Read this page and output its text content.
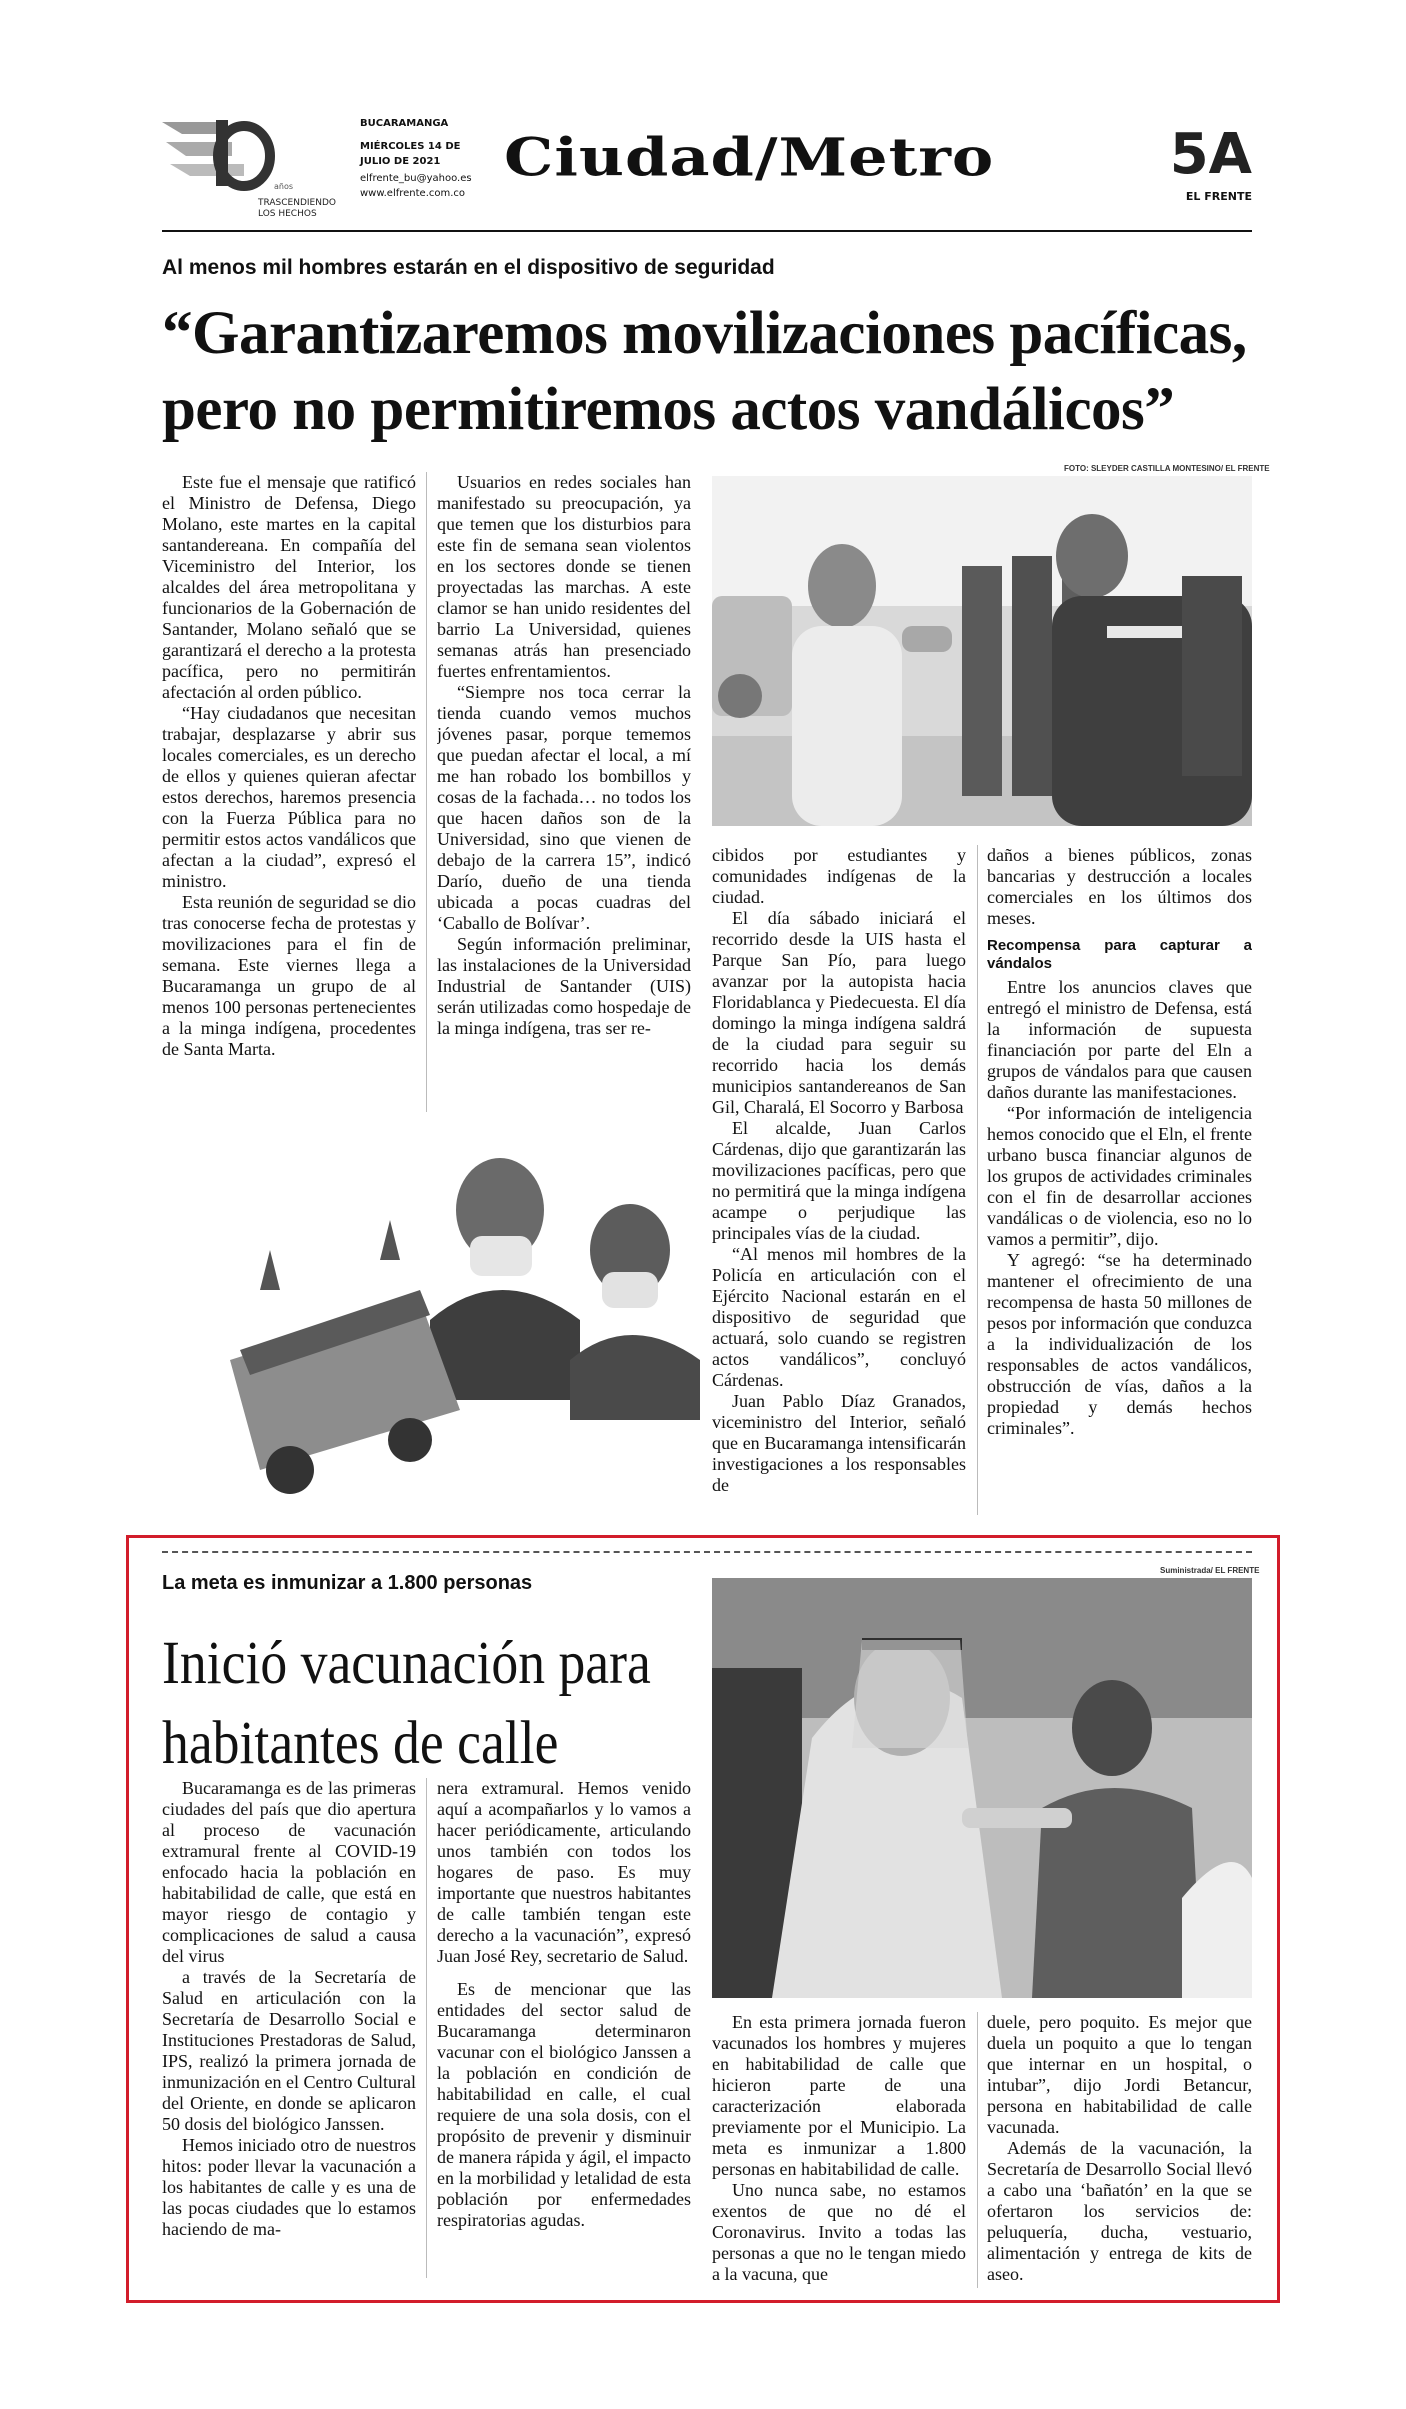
años
TRASCENDIENDO LOS HECHOS
BUCARAMANGA
MIÉRCOLES 14 DE JULIO DE 2021
elfrente_bu@yahoo.es
www.elfrente.com.co
Ciudad/Metro	5A
EL FRENTE
Al menos mil hombres estarán en el dispositivo de seguridad
“Garantizaremos movilizaciones pacíficas,
pero no permitiremos actos vandálicos”

Este fue el mensaje que ratificó el Ministro de Defensa, Diego Molano, este martes en la capital santandereana. En compañía del Viceministro del Interior, los alcaldes del área metropolitana y funcionarios de la Gobernación de Santander, Molano señaló que se garantizará el derecho a la protesta pacífica, pero no permitirán afectación al orden público.

“Hay ciudadanos que necesitan trabajar, desplazarse y abrir sus locales comerciales, es un derecho de ellos y quienes quieran afectar estos derechos, haremos presencia con la Fuerza Pública para no permitir estos actos vandálicos que afectan a la ciudad”, expresó el ministro.

Esta reunión de seguridad se dio tras conocerse fecha de protestas y movilizaciones para el fin de semana. Este viernes llega a Bucaramanga un grupo de al menos 100 personas pertenecientes a la minga indígena, procedentes de Santa Marta.

Usuarios en redes sociales han manifestado su preocupación, ya que temen que los disturbios para este fin de semana sean violentos en los sectores donde se tienen proyectadas las marchas. A este clamor se han unido residentes del barrio La Universidad, quienes semanas atrás han presenciado fuertes enfrentamientos.

“Siempre nos toca cerrar la tienda cuando vemos muchos jóvenes pasar, porque tememos que puedan afectar el local, a mí me han robado los bombillos y cosas de la fachada… no todos los que hacen daños son de la Universidad, sino que vienen de debajo de la carrera 15”, indicó Darío, dueño de una tienda ubicada a pocas cuadras del ‘Caballo de Bolívar’.

Según información preliminar, las instalaciones de la Universidad Industrial de Santander (UIS) serán utilizadas como hospedaje de la minga indígena, tras ser re-

FOTO: SLEYDER CASTILLA MONTESINO/ EL FRENTE

cibidos por estudiantes y comunidades indígenas de la ciudad.

El día sábado iniciará el recorrido desde la UIS hasta el Parque San Pío, para luego avanzar por la autopista hacia Floridablanca y Piedecuesta. El día domingo la minga indígena saldrá de la ciudad para seguir su recorrido hacia los demás municipios santandereanos de San Gil, Charalá, El Socorro y Barbosa

El alcalde, Juan Carlos Cárdenas, dijo que garantizarán las movilizaciones pacíficas, pero que no permitirá que la minga indígena acampe o perjudique las principales vías de la ciudad.

“Al menos mil hombres de la Policía en articulación con el Ejército Nacional estarán en el dispositivo de seguridad que actuará, solo cuando se registren actos vandálicos”, concluyó Cárdenas.

Juan Pablo Díaz Granados, viceministro del Interior, señaló que en Bucaramanga intensificarán investigaciones a los responsables de

daños a bienes públicos, zonas bancarias y destrucción a locales comerciales en los últimos dos meses.

Recompensa para capturar a vándalos

Entre los anuncios claves que entregó el ministro de Defensa, está la información de supuesta financiación por parte del Eln a grupos de vándalos para que causen daños durante las manifestaciones.

“Por información de inteligencia hemos conocido que el Eln, el frente urbano busca financiar algunos de los grupos de actividades criminales con el fin de desarrollar acciones vandálicas o de violencia, eso no lo vamos a permitir”, dijo.

Y agregó: “se ha determinado mantener el ofrecimiento de una recompensa de hasta 50 millones de pesos por información que conduzca a la individualización de los responsables de actos vandálicos, obstrucción de vías, daños a la propiedad y demás hechos criminales”.

La meta es inmunizar a 1.800 personas
Inició vacunación para
habitantes de calle
Suministrada/ EL FRENTE

Bucaramanga es de las primeras ciudades del país que dio apertura al proceso de vacunación extramural frente al COVID-19 enfocado hacia la población en habitabilidad de calle, que está en mayor riesgo de contagio y complicaciones de salud a causa del virus

a través de la Secretaría de Salud en articulación con la Secretaría de Desarrollo Social e Instituciones Prestadoras de Salud, IPS, realizó la primera jornada de inmunización en el Centro Cultural del Oriente, en donde se aplicaron 50 dosis del biológico Janssen.

Hemos iniciado otro de nuestros hitos: poder llevar la vacunación a los habitantes de calle y es una de las pocas ciudades que lo estamos haciendo de ma-

nera extramural. Hemos venido aquí a acompañarlos y lo vamos a hacer periódicamente, articulando unos también con todos los hogares de paso. Es muy importante que nuestros habitantes de calle también tengan este derecho a la vacunación”, expresó Juan José Rey, secretario de Salud.

Es de mencionar que las entidades del sector salud de Bucaramanga determinaron vacunar con el biológico Janssen a la población en condición de habitabilidad en calle, el cual requiere de una sola dosis, con el propósito de prevenir y disminuir de manera rápida y ágil, el impacto en la morbilidad y letalidad de esta población por enfermedades respiratorias agudas.

En esta primera jornada fueron vacunados los hombres y mujeres en habitabilidad de calle que hicieron parte de una caracterización elaborada previamente por el Municipio. La meta es inmunizar a 1.800 personas en habitabilidad de calle.

Uno nunca sabe, no estamos exentos de que no dé el Coronavirus. Invito a todas las personas a que no le tengan miedo a la vacuna, que

duele, pero poquito. Es mejor que duela un poquito a que lo tengan que internar en un hospital, o intubar”, dijo Jordi Betancur, persona en habitabilidad de calle vacunada.

Además de la vacunación, la Secretaría de Desarrollo Social llevó a cabo una ‘bañatón’ en la que se ofertaron los servicios de: peluquería, ducha, vestuario, alimentación y entrega de kits de aseo.
